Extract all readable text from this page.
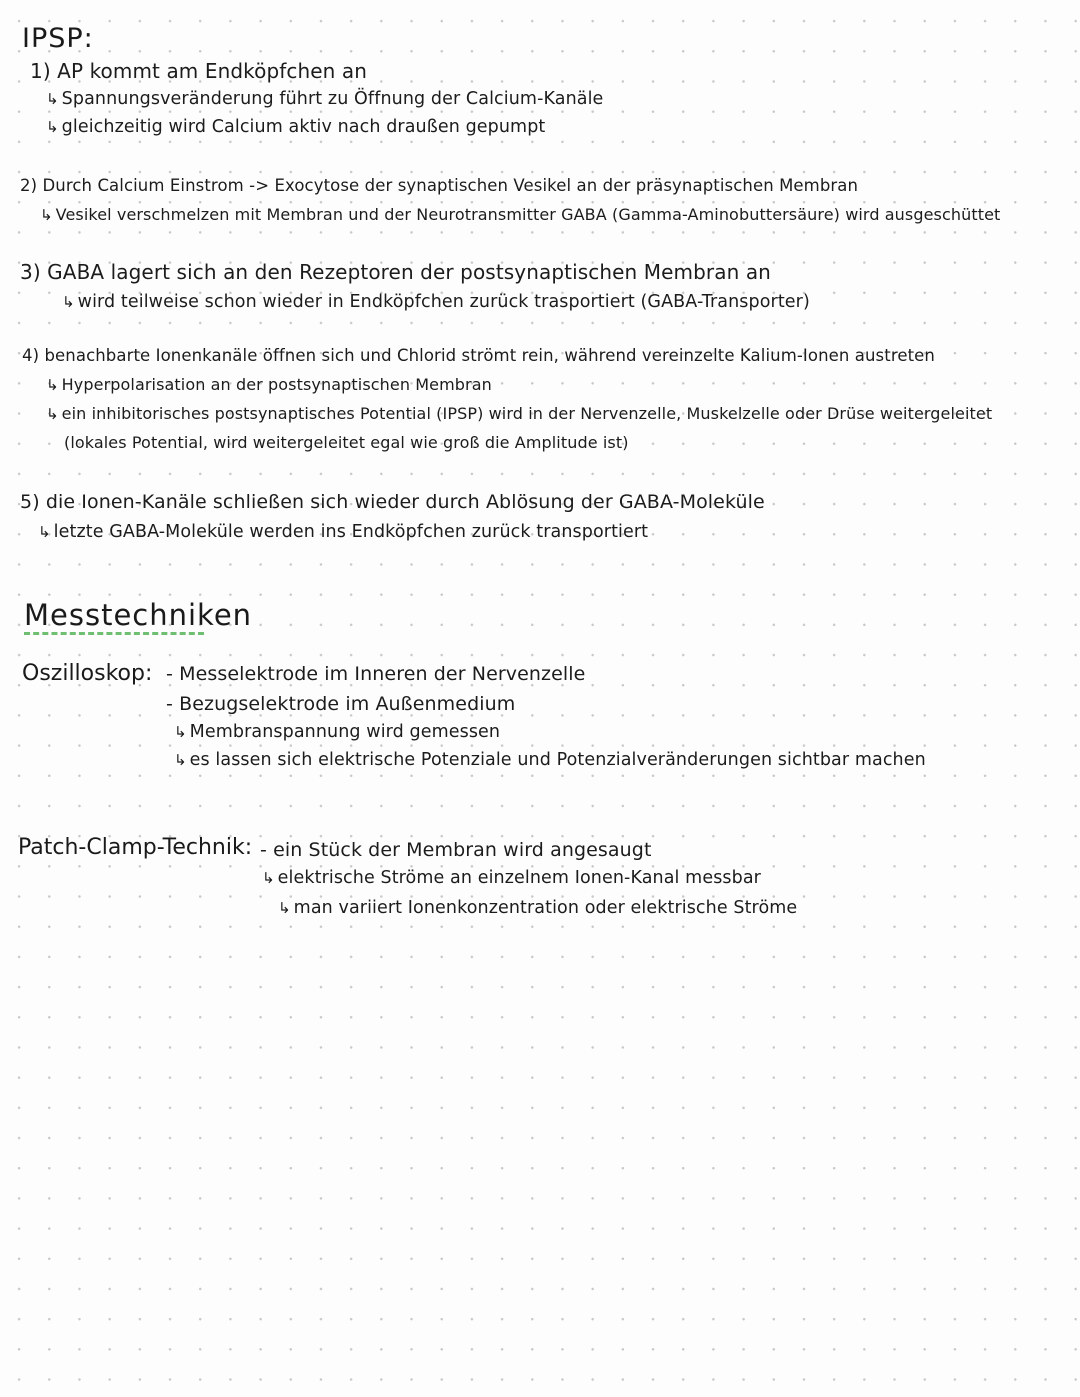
IPSP:
1) AP kommt am Endköpfchen an
↳ Spannungsveränderung führt zu Öffnung der Calcium-Kanäle
↳ gleichzeitig wird Calcium aktiv nach draußen gepumpt
2) Durch Calcium Einstrom -> Exocytose der synaptischen Vesikel an der präsynaptischen Membran
↳ Vesikel verschmelzen mit Membran und der Neurotransmitter GABA (Gamma-Aminobuttersäure) wird ausgeschüttet
3) GABA lagert sich an den Rezeptoren der postsynaptischen Membran an
↳ wird teilweise schon wieder in Endköpfchen zurück trasportiert (GABA-Transporter)
4) benachbarte Ionenkanäle öffnen sich und Chlorid strömt rein, während vereinzelte Kalium-Ionen austreten
↳ Hyperpolarisation an der postsynaptischen Membran
↳ ein inhibitorisches postsynaptisches Potential (IPSP) wird in der Nervenzelle, Muskelzelle oder Drüse weitergeleitet
(lokales Potential, wird weitergeleitet egal wie groß die Amplitude ist)
5) die Ionen-Kanäle schließen sich wieder durch Ablösung der GABA-Moleküle
↳ letzte GABA-Moleküle werden ins Endköpfchen zurück transportiert
Messtechniken
Oszilloskop: - Messelektrode im Inneren der Nervenzelle
- Bezugselektrode im Außenmedium
↳ Membranspannung wird gemessen
↳ es lassen sich elektrische Potenziale und Potenzialveränderungen sichtbar machen
Patch-Clamp-Technik: - ein Stück der Membran wird angesaugt
↳ elektrische Ströme an einzelnem Ionen-Kanal messbar
↳ man variiert Ionenkonzentration oder elektrische Ströme
